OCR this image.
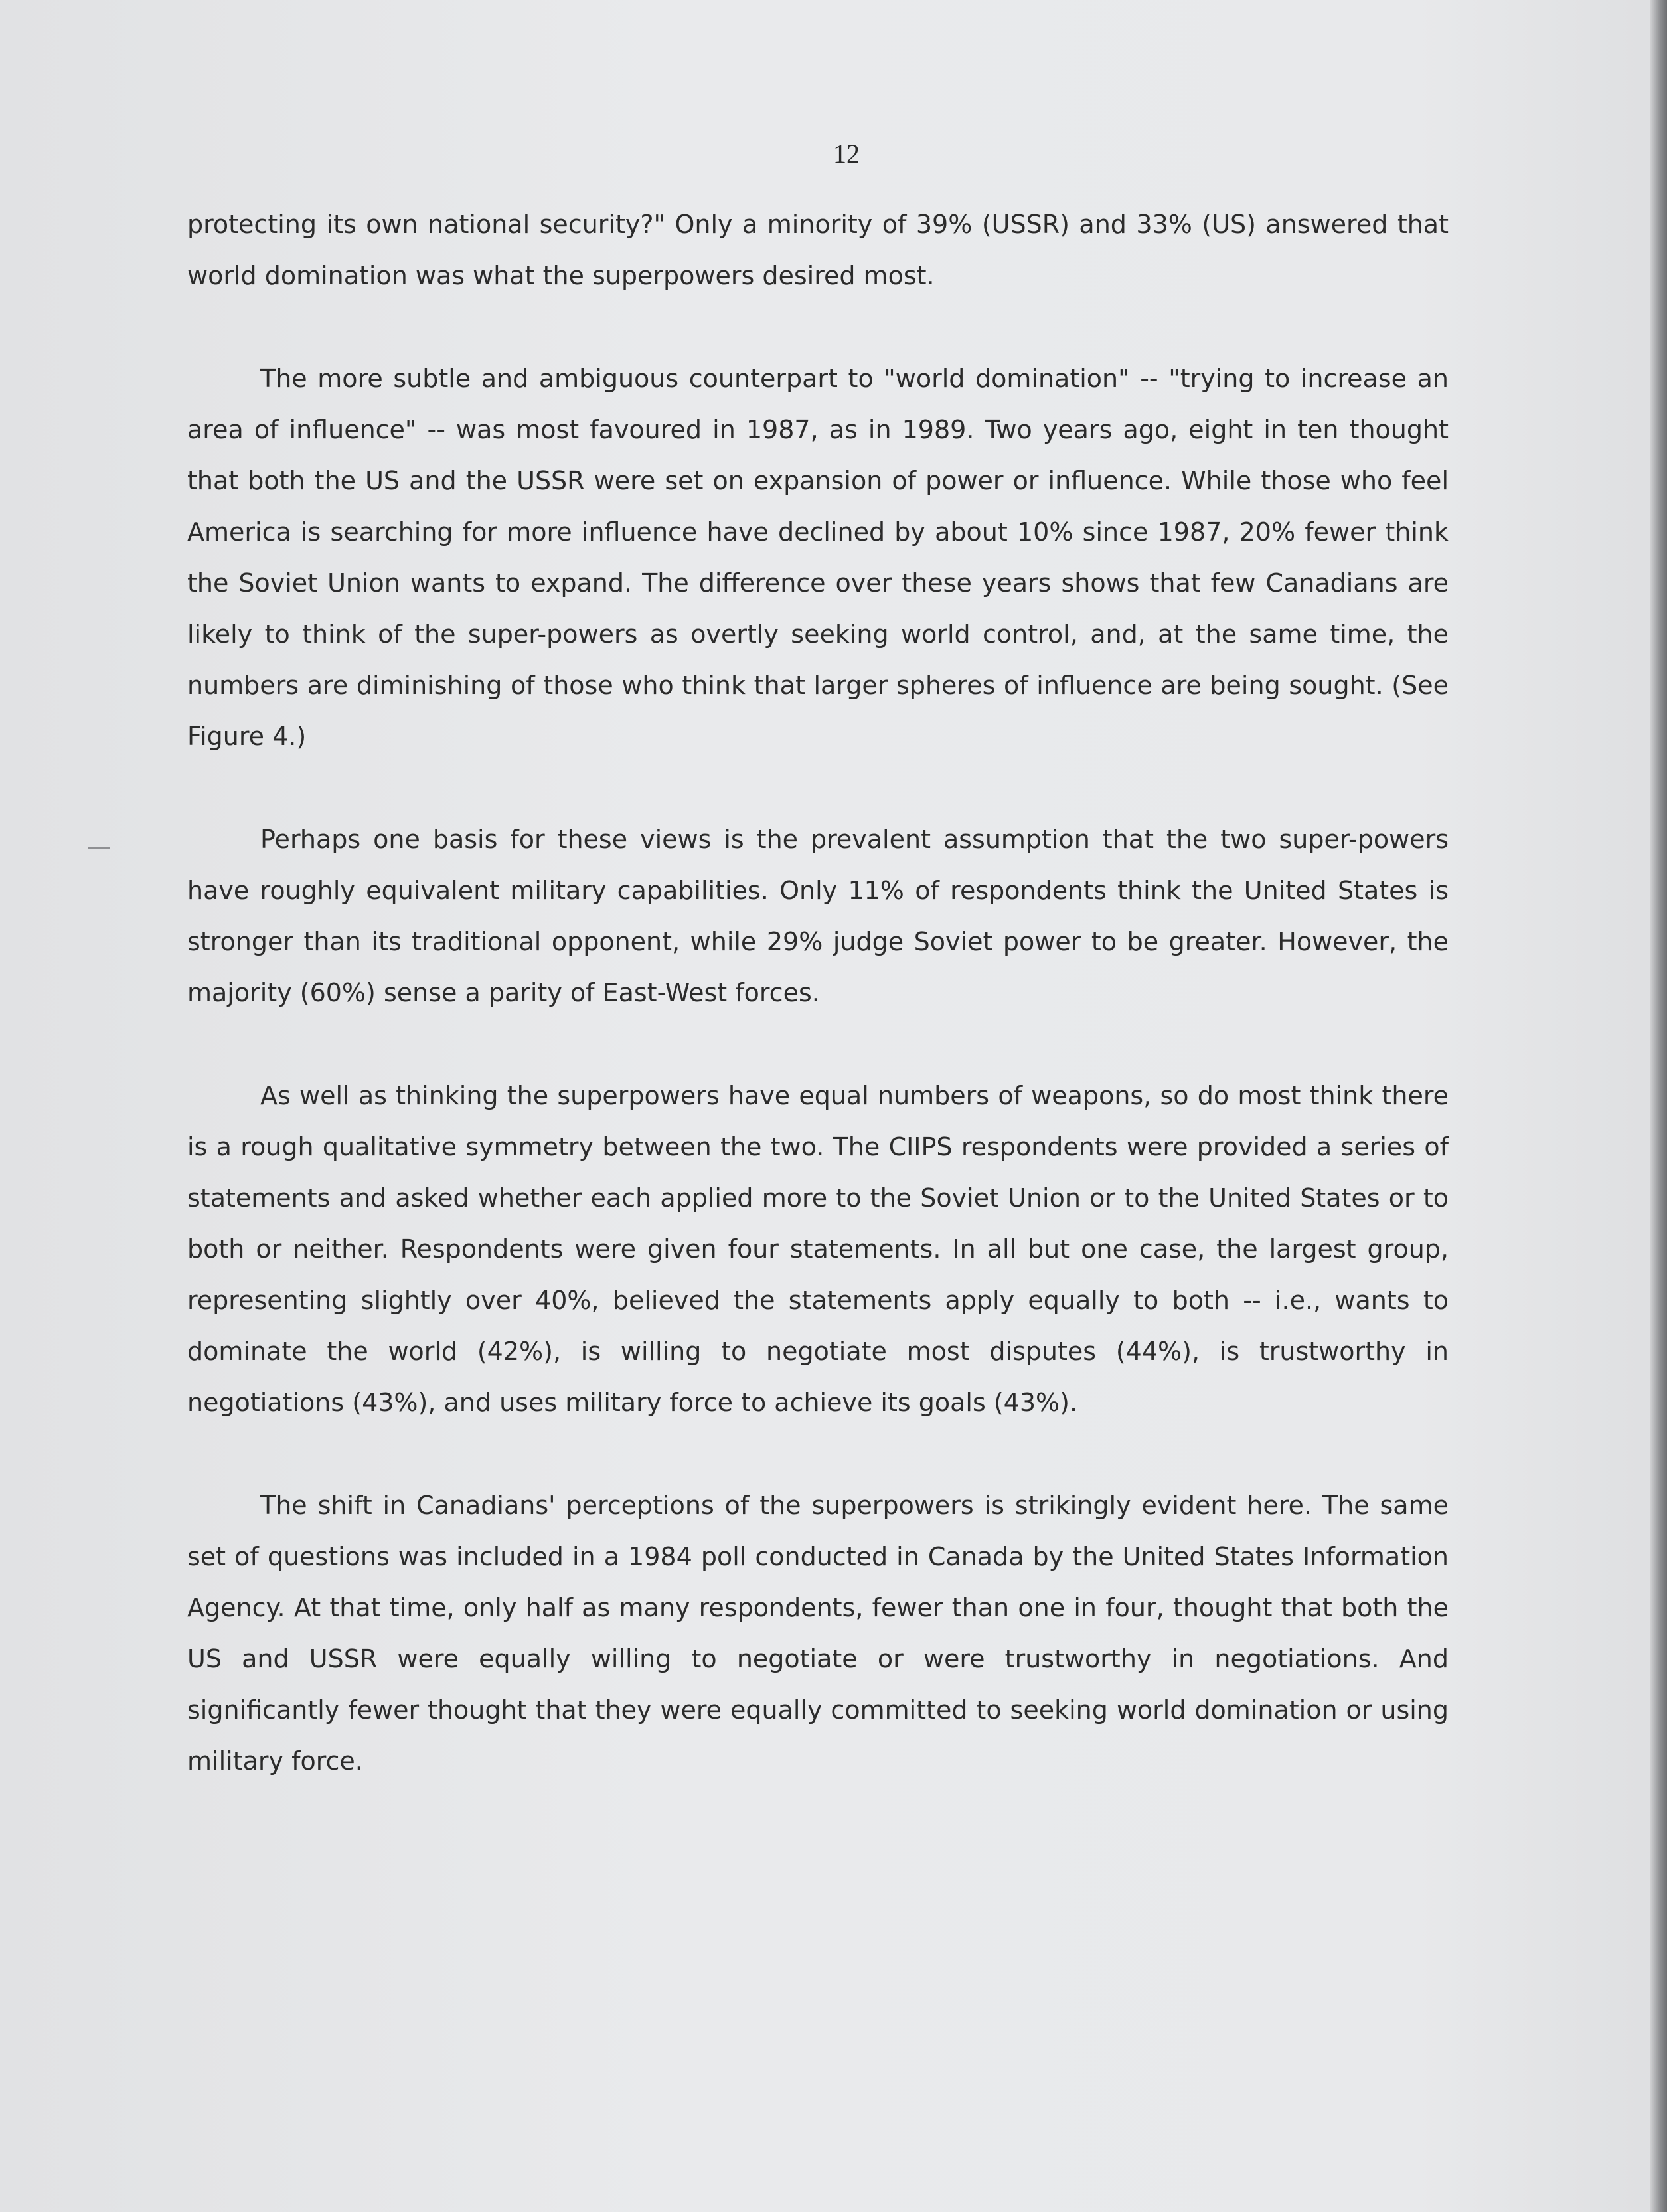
12

protecting its own national security?" Only a minority of 39% (USSR) and 33% (US) answered that world domination was what the superpowers desired most.

The more subtle and ambiguous counterpart to "world domination" -- "trying to increase an area of influence" -- was most favoured in 1987, as in 1989. Two years ago, eight in ten thought that both the US and the USSR were set on expansion of power or influence. While those who feel America is searching for more influence have declined by about 10% since 1987, 20% fewer think the Soviet Union wants to expand. The difference over these years shows that few Canadians are likely to think of the super-powers as overtly seeking world control, and, at the same time, the numbers are diminishing of those who think that larger spheres of influence are being sought. (See Figure 4.)

Perhaps one basis for these views is the prevalent assumption that the two super-powers have roughly equivalent military capabilities. Only 11% of respondents think the United States is stronger than its traditional opponent, while 29% judge Soviet power to be greater. However, the majority (60%) sense a parity of East-West forces.

As well as thinking the superpowers have equal numbers of weapons, so do most think there is a rough qualitative symmetry between the two. The CIIPS respondents were provided a series of statements and asked whether each applied more to the Soviet Union or to the United States or to both or neither. Respondents were given four statements. In all but one case, the largest group, representing slightly over 40%, believed the statements apply equally to both -- i.e., wants to dominate the world (42%), is willing to negotiate most disputes (44%), is trustworthy in negotiations (43%), and uses military force to achieve its goals (43%).

The shift in Canadians' perceptions of the superpowers is strikingly evident here. The same set of questions was included in a 1984 poll conducted in Canada by the United States Information Agency. At that time, only half as many respondents, fewer than one in four, thought that both the US and USSR were equally willing to negotiate or were trustworthy in negotiations. And significantly fewer thought that they were equally committed to seeking world domination or using military force.
